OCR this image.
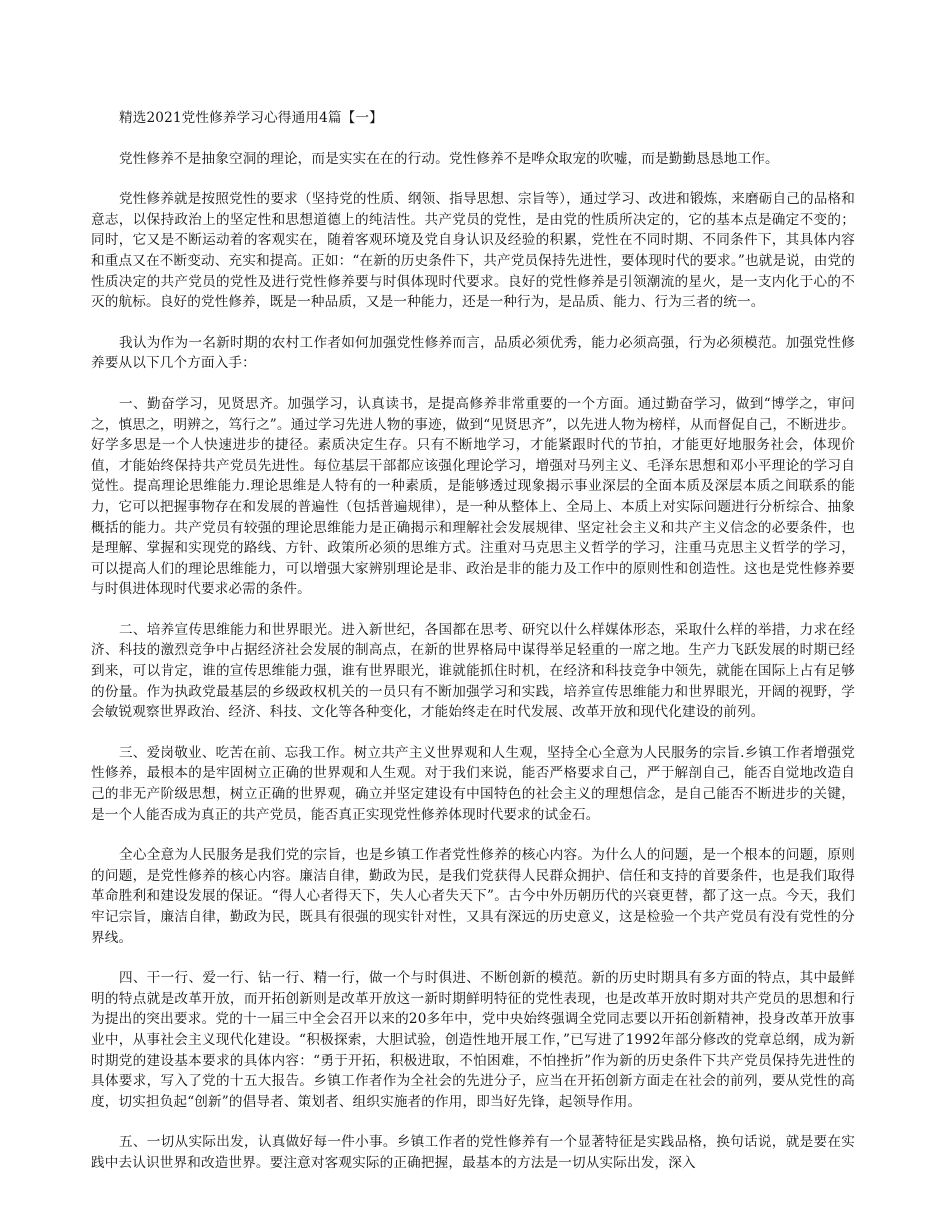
精选2021党性修养学习心得通用4篇【一】

党性修养不是抽象空洞的理论，而是实实在在的行动。党性修养不是哗众取宠的吹嘘，而是勤勤恳恳地工作。

党性修养就是按照党性的要求（坚持党的性质、纲领、指导思想、宗旨等），通过学习、改进和锻炼，来磨砺自己的品格和意志，以保持政治上的坚定性和思想道德上的纯洁性。共产党员的党性，是由党的性质所决定的，它的基本点是确定不变的；同时，它又是不断运动着的客观实在，随着客观环境及党自身认识及经验的积累，党性在不同时期、不同条件下，其具体内容和重点又在不断变动、充实和提高。正如：“在新的历史条件下，共产党员保持先进性，要体现时代的要求。”也就是说，由党的性质决定的共产党员的党性及进行党性修养要与时俱体现时代要求。良好的党性修养是引领潮流的星火，是一支内化于心的不灭的航标。良好的党性修养，既是一种品质，又是一种能力，还是一种行为，是品质、能力、行为三者的统一。

我认为作为一名新时期的农村工作者如何加强党性修养而言，品质必须优秀，能力必须高强，行为必须模范。加强党性修养要从以下几个方面入手：

一、勤奋学习，见贤思齐。加强学习，认真读书，是提高修养非常重要的一个方面。通过勤奋学习，做到“博学之，审问之，慎思之，明辨之，笃行之”。通过学习先进人物的事迹，做到“见贤思齐”，以先进人物为榜样，从而督促自己，不断进步。好学多思是一个人快速进步的捷径。素质决定生存。只有不断地学习，才能紧跟时代的节拍，才能更好地服务社会，体现价值，才能始终保持共产党员先进性。每位基层干部都应该强化理论学习，增强对马列主义、毛泽东思想和邓小平理论的学习自觉性。提高理论思维能力.理论思维是人特有的一种素质，是能够透过现象揭示事业深层的全面本质及深层本质之间联系的能力，它可以把握事物存在和发展的普遍性（包括普遍规律），是一种从整体上、全局上、本质上对实际问题进行分析综合、抽象概括的能力。共产党员有较强的理论思维能力是正确揭示和理解社会发展规律、坚定社会主义和共产主义信念的必要条件，也是理解、掌握和实现党的路线、方针、政策所必须的思维方式。注重对马克思主义哲学的学习，注重马克思主义哲学的学习，可以提高人们的理论思维能力，可以增强大家辨别理论是非、政治是非的能力及工作中的原则性和创造性。这也是党性修养要与时俱进体现时代要求必需的条件。

二、培养宣传思维能力和世界眼光。进入新世纪，各国都在思考、研究以什么样媒体形态，采取什么样的举措，力求在经济、科技的激烈竞争中占据经济社会发展的制高点，在新的世界格局中谋得举足轻重的一席之地。生产力飞跃发展的时期已经到来，可以肯定，谁的宣传思维能力强，谁有世界眼光，谁就能抓住时机，在经济和科技竞争中领先，就能在国际上占有足够的份量。作为执政党最基层的乡级政权机关的一员只有不断加强学习和实践，培养宣传思维能力和世界眼光，开阔的视野，学会敏锐观察世界政治、经济、科技、文化等各种变化，才能始终走在时代发展、改革开放和现代化建设的前列。

三、爱岗敬业、吃苦在前、忘我工作。树立共产主义世界观和人生观，坚持全心全意为人民服务的宗旨.乡镇工作者增强党性修养，最根本的是牢固树立正确的世界观和人生观。对于我们来说，能否严格要求自己，严于解剖自己，能否自觉地改造自己的非无产阶级思想，树立正确的世界观，确立并坚定建设有中国特色的社会主义的理想信念，是自己能否不断进步的关键，是一个人能否成为真正的共产党员，能否真正实现党性修养体现时代要求的试金石。

全心全意为人民服务是我们党的宗旨，也是乡镇工作者党性修养的核心内容。为什么人的问题，是一个根本的问题，原则的问题，是党性修养的核心内容。廉洁自律，勤政为民，是我们党获得人民群众拥护、信任和支持的首要条件，也是我们取得革命胜利和建设发展的保证。“得人心者得天下，失人心者失天下”。古今中外历朝历代的兴衰更替，都了这一点。今天，我们牢记宗旨，廉洁自律，勤政为民，既具有很强的现实针对性，又具有深远的历史意义，这是检验一个共产党员有没有党性的分界线。

四、干一行、爱一行、钻一行、精一行，做一个与时俱进、不断创新的模范。新的历史时期具有多方面的特点，其中最鲜明的特点就是改革开放，而开拓创新则是改革开放这一新时期鲜明特征的党性表现，也是改革开放时期对共产党员的思想和行为提出的突出要求。党的十一届三中全会召开以来的20多年中，党中央始终强调全党同志要以开拓创新精神，投身改革开放事业中，从事社会主义现代化建设。“积极探索，大胆试验，创造性地开展工作，”已写进了1992年部分修改的党章总纲，成为新时期党的建设基本要求的具体内容：“勇于开拓，积极进取，不怕困难，不怕挫折”作为新的历史条件下共产党员保持先进性的具体要求，写入了党的十五大报告。乡镇工作者作为全社会的先进分子，应当在开拓创新方面走在社会的前列，要从党性的高度，切实担负起“创新”的倡导者、策划者、组织实施者的作用，即当好先锋，起领导作用。

五、一切从实际出发，认真做好每一件小事。乡镇工作者的党性修养有一个显著特征是实践品格，换句话说，就是要在实践中去认识世界和改造世界。要注意对客观实际的正确把握，最基本的方法是一切从实际出发，深入
